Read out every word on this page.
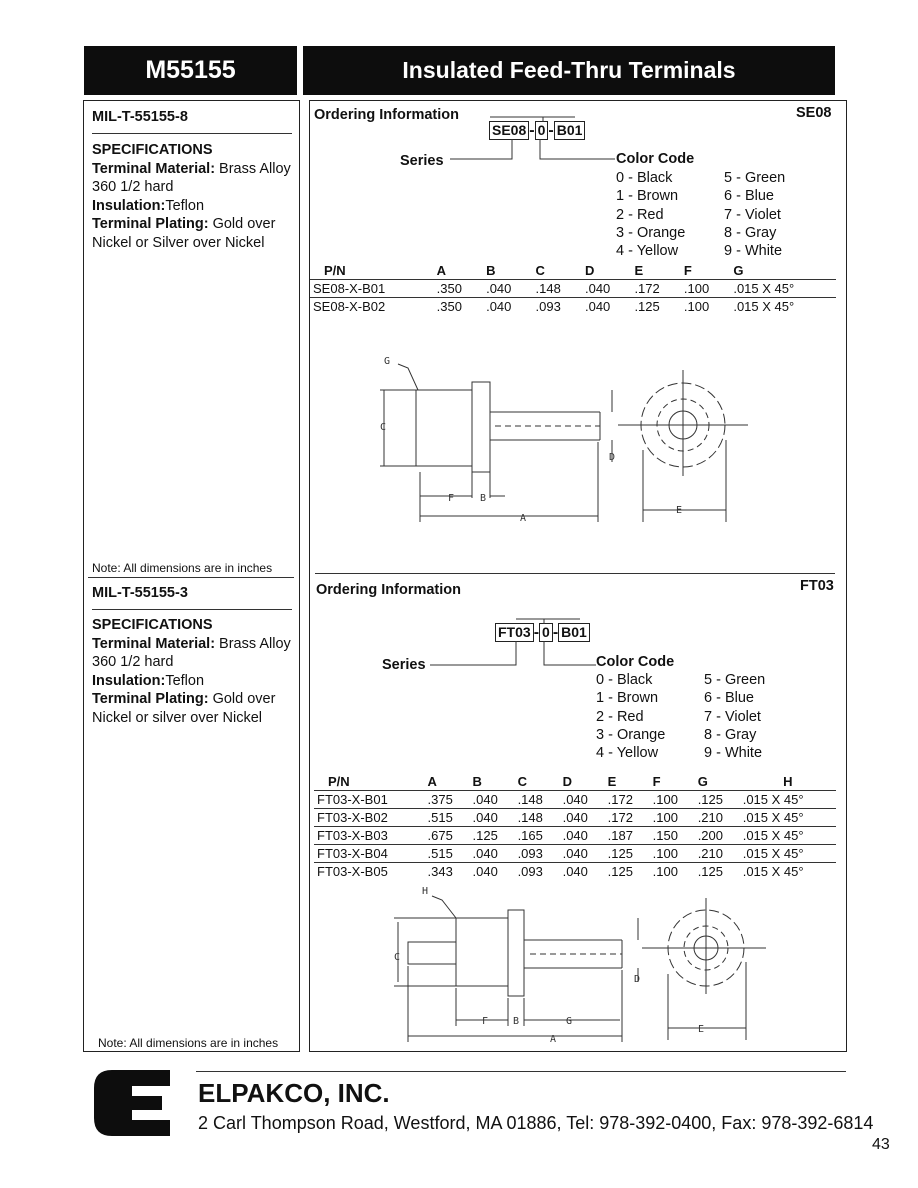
M55155	Insulated Feed-Thru Terminals
MIL-T-55155-8
SPECIFICATIONS
Terminal Material: Brass Alloy 360 1/2 hard
Insulation:Teflon
Terminal Plating: Gold over Nickel or Silver over Nickel
Note: All dimensions are in inches
Ordering Information	SE08
SE08 - 0 - B01
Series	Color Code
0 - Black
1 - Brown
2 - Red
3 - Orange
4 - Yellow
5 - Green
6 - Blue
7 - Violet
8 - Gray
9 - White
P/N	A	B	C	D	E	F	G
SE08-X-B01	.350	.040	.148	.040	.172	.100	.015 X 45°
SE08-X-B02	.350	.040	.093	.040	.125	.100	.015 X 45°
G
C
D
F	B
A
E
MIL-T-55155-3
SPECIFICATIONS
Terminal Material: Brass Alloy 360 1/2 hard
Insulation:Teflon
Terminal Plating: Gold over Nickel or silver over Nickel
Note: All dimensions are in inches
Ordering Information	FT03
FT03 - 0 - B01
Series	Color Code
0 - Black
1 - Brown
2 - Red
3 - Orange
4 - Yellow
5 - Green
6 - Blue
7 - Violet
8 - Gray
9 - White
P/N	A	B	C	D	E	F	G	H
FT03-X-B01	.375	.040	.148	.040	.172	.100	.125	.015 X 45°
FT03-X-B02	.515	.040	.148	.040	.172	.100	.210	.015 X 45°
FT03-X-B03	.675	.125	.165	.040	.187	.150	.200	.015 X 45°
FT03-X-B04	.515	.040	.093	.040	.125	.100	.210	.015 X 45°
FT03-X-B05	.343	.040	.093	.040	.125	.100	.125	.015 X 45°
H
C
D
F B	G
A
E
ELPAKCO, INC.
2 Carl Thompson Road, Westford, MA 01886, Tel: 978-392-0400, Fax: 978-392-6814
43
